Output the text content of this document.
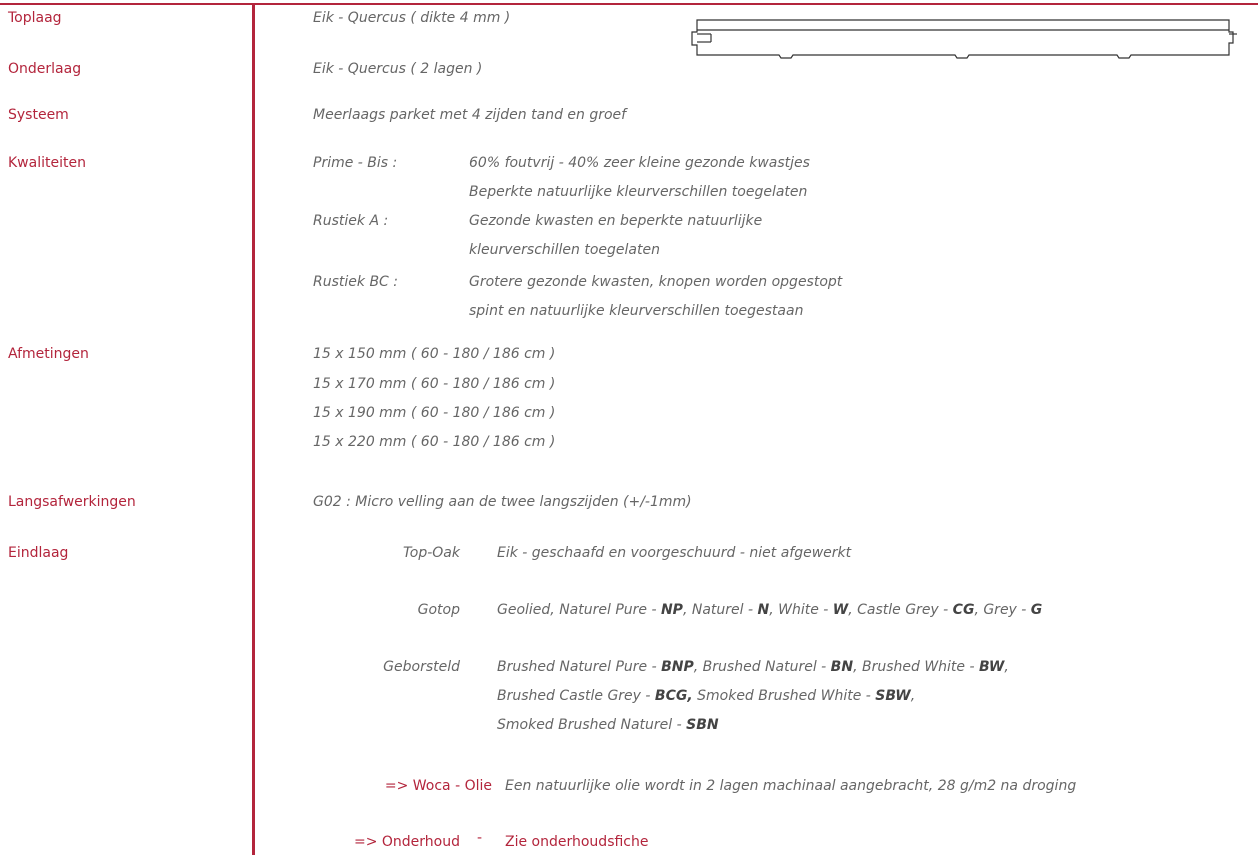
Toplaag	Eik - Quercus ( dikte 4 mm )
Onderlaag	Eik - Quercus ( 2 lagen )
Systeem	Meerlaags parket met 4 zijden tand en groef
Kwaliteiten	Prime - Bis :	60% foutvrij - 40% zeer kleine gezonde kwastjes
Beperkte natuurlijke kleurverschillen toegelaten
Rustiek A :	Gezonde kwasten en beperkte natuurlijke
kleurverschillen toegelaten
Rustiek BC :	Grotere gezonde kwasten, knopen worden opgestopt
spint en natuurlijke kleurverschillen toegestaan
Afmetingen	15 x 150 mm ( 60 - 180 / 186 cm )
15 x 170 mm ( 60 - 180 / 186 cm )
15 x 190 mm ( 60 - 180 / 186 cm )
15 x 220 mm ( 60 - 180 / 186 cm )
Langsafwerkingen	G02 : Micro velling aan de twee langszijden (+/-1mm)
Eindlaag	Top-Oak	Eik - geschaafd en voorgeschuurd - niet afgewerkt
Gotop	Geolied, Naturel Pure - NP, Naturel - N, White - W, Castle Grey - CG, Grey - G
Geborsteld	Brushed Naturel Pure - BNP, Brushed Naturel - BN, Brushed White - BW,
Brushed Castle Grey - BCG, Smoked Brushed White - SBW,
Smoked Brushed Naturel - SBN
=> Woca - Olie Een natuurlijke olie wordt in 2 lagen machinaal aangebracht, 28 g/m2 na droging
=> Onderhoud - Zie onderhoudsfiche
